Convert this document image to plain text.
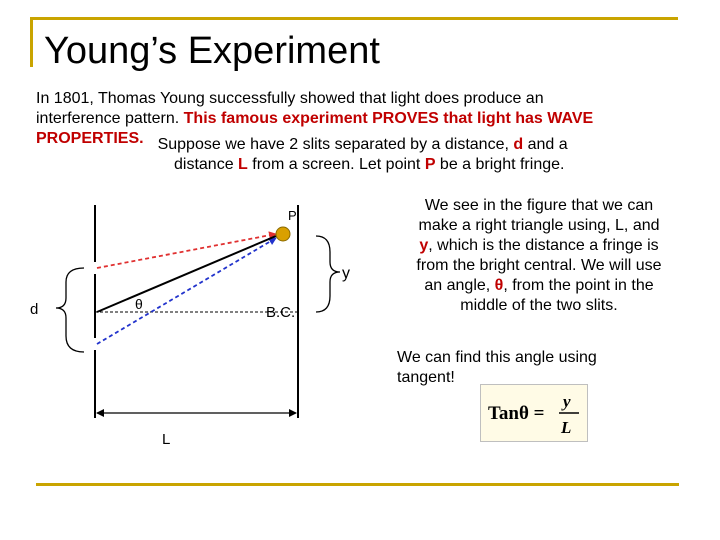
Young’s Experiment
In 1801, Thomas Young successfully showed that light does produce an
interference pattern. This famous experiment PROVES that light has WAVE
PROPERTIES. Suppose we have 2 slits separated by a distance, d and a
distance L from a screen. Let point P be a bright fringe.
P
y
d	θ	B.C.
L
We see in the figure that we can
make a right triangle using, L, and
y, which is the distance a fringe is
from the bright central. We will use
an angle, θ, from the point in the
middle of the two slits.
We can find this angle using
tangent!
Tanθ =
y
L
